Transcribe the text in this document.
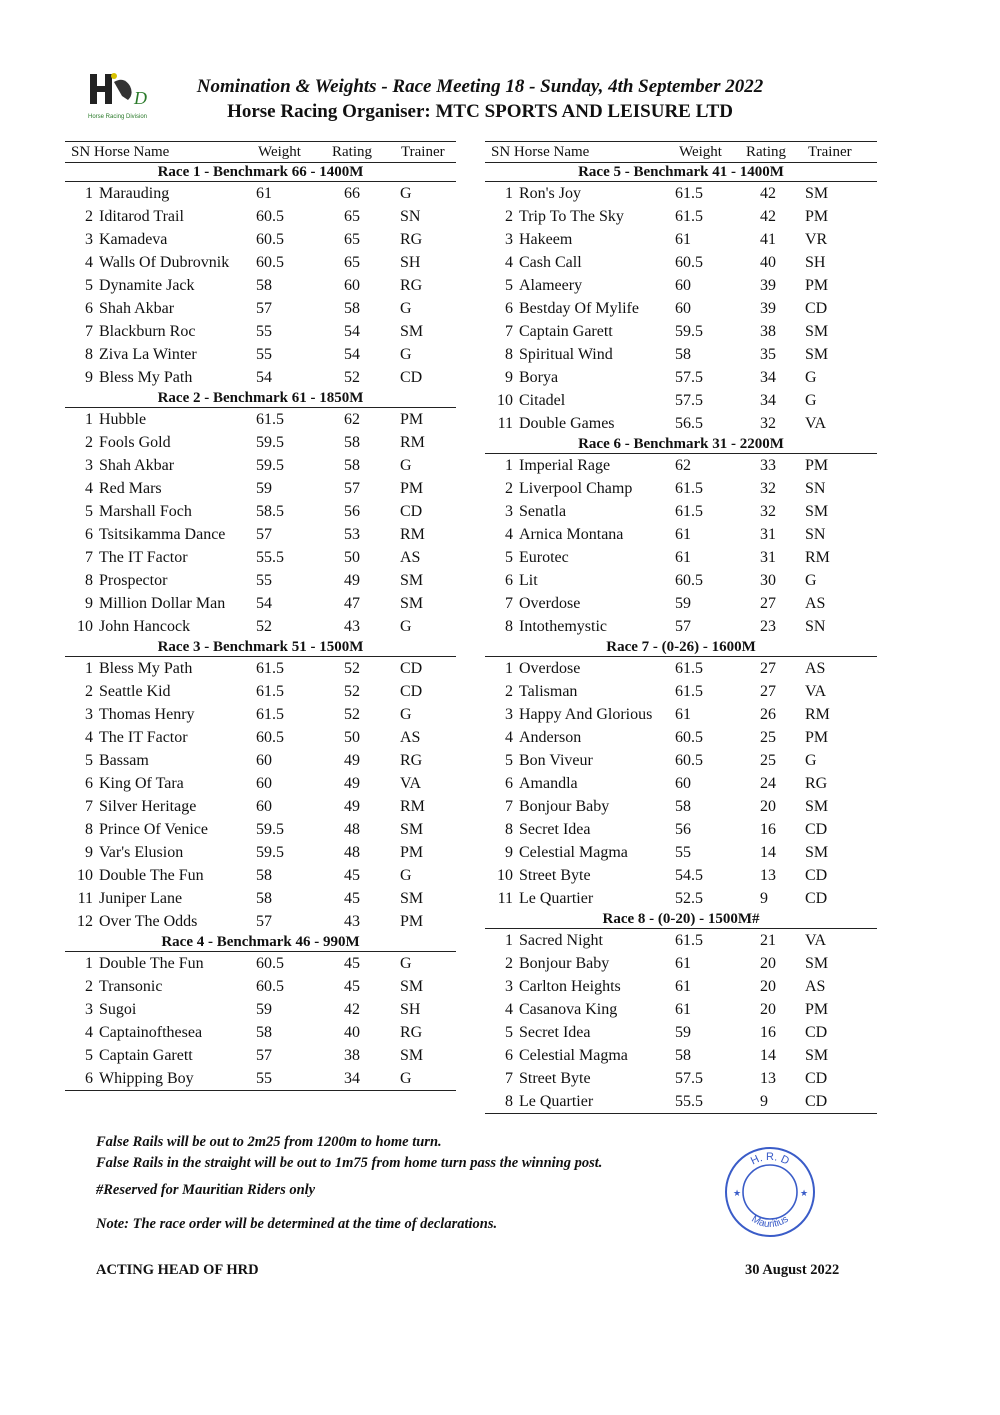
D
Horse Racing Division
Nomination & Weights - Race Meeting 18 - Sunday, 4th September 2022
Horse Racing Organiser: MTC SPORTS AND LEISURE LTD
SN Horse Name	Weight Rating Trainer
Race 1 - Benchmark 66 - 1400M
1 Marauding	61	66	G
2 Iditarod Trail	60.5	65	SN
3 Kamadeva	60.5	65	RG
4 Walls Of Dubrovnik 60.5	65	SH
5 Dynamite Jack	58	60	RG
6 Shah Akbar	57	58	G
7 Blackburn Roc	55	54	SM
8 Ziva La Winter	55	54	G
9 Bless My Path	54	52	CD
Race 2 - Benchmark 61 - 1850M
1 Hubble	61.5	62	PM
2 Fools Gold	59.5	58	RM
3 Shah Akbar	59.5	58	G
4 Red Mars	59	57	PM
5 Marshall Foch	58.5	56	CD
6 Tsitsikamma Dance 57	53	RM
7 The IT Factor	55.5	50	AS
8 Prospector	55	49	SM
9 Million Dollar Man 54	47	SM
10 John Hancock	52	43	G
Race 3 - Benchmark 51 - 1500M
1 Bless My Path	61.5	52	CD
2 Seattle Kid	61.5	52	CD
3 Thomas Henry	61.5	52	G
4 The IT Factor	60.5	50	AS
5 Bassam	60	49	RG
6 King Of Tara	60	49	VA
7 Silver Heritage	60	49	RM
8 Prince Of Venice	59.5	48	SM
9 Var's Elusion	59.5	48	PM
10 Double The Fun	58	45	G
11 Juniper Lane	58	45	SM
12 Over The Odds	57	43	PM
Race 4 - Benchmark 46 - 990M
1 Double The Fun	60.5	45	G
2 Transonic	60.5	45	SM
3 Sugoi	59	42	SH
4 Captainofthesea	58	40	RG
5 Captain Garett	57	38	SM
6 Whipping Boy	55	34	G
SN Horse Name	Weight Rating Trainer
Race 5 - Benchmark 41 - 1400M
1 Ron's Joy	61.5	42 SM
2 Trip To The Sky	61.5	42 PM
3 Hakeem	61	41 VR
4 Cash Call	60.5	40 SH
5 Alameery	60	39 PM
6 Bestday Of Mylife 60	39 CD
7 Captain Garett	59.5	38 SM
8 Spiritual Wind	58	35 SM
9 Borya	57.5	34 G
10 Citadel	57.5	34 G
11 Double Games	56.5	32 VA
Race 6 - Benchmark 31 - 2200M
1 Imperial Rage	62	33 PM
2 Liverpool Champ	61.5	32 SN
3 Senatla	61.5	32 SM
4 Arnica Montana	61	31 SN
5 Eurotec	61	31 RM
6 Lit	60.5	30 G
7 Overdose	59	27 AS
8 Intothemystic	57	23 SN
Race 7 - (0-26) - 1600M
1 Overdose	61.5	27 AS
2 Talisman	61.5	27 VA
3 Happy And Glorious 61	26 RM
4 Anderson	60.5	25 PM
5 Bon Viveur	60.5	25 G
6 Amandla	60	24 RG
7 Bonjour Baby	58	20 SM
8 Secret Idea	56	16 CD
9 Celestial Magma	55	14 SM
10 Street Byte	54.5	13 CD
11 Le Quartier	52.5	9 CD
Race 8 - (0-20) - 1500M#
1 Sacred Night	61.5	21 VA
2 Bonjour Baby	61	20 SM
3 Carlton Heights	61	20 AS
4 Casanova King	61	20 PM
5 Secret Idea	59	16 CD
6 Celestial Magma	58	14 SM
7 Street Byte	57.5	13 CD
8 Le Quartier	55.5	9 CD
False Rails will be out to 2m25 from 1200m to home turn.
False Rails in the straight will be out to 1m75 from home turn pass the winning post.
#Reserved for Mauritian Riders only
Note: The race order will be determined at the time of declarations.
H. R. D
Mauritius
★	★
ACTING HEAD OF HRD	30 August 2022
